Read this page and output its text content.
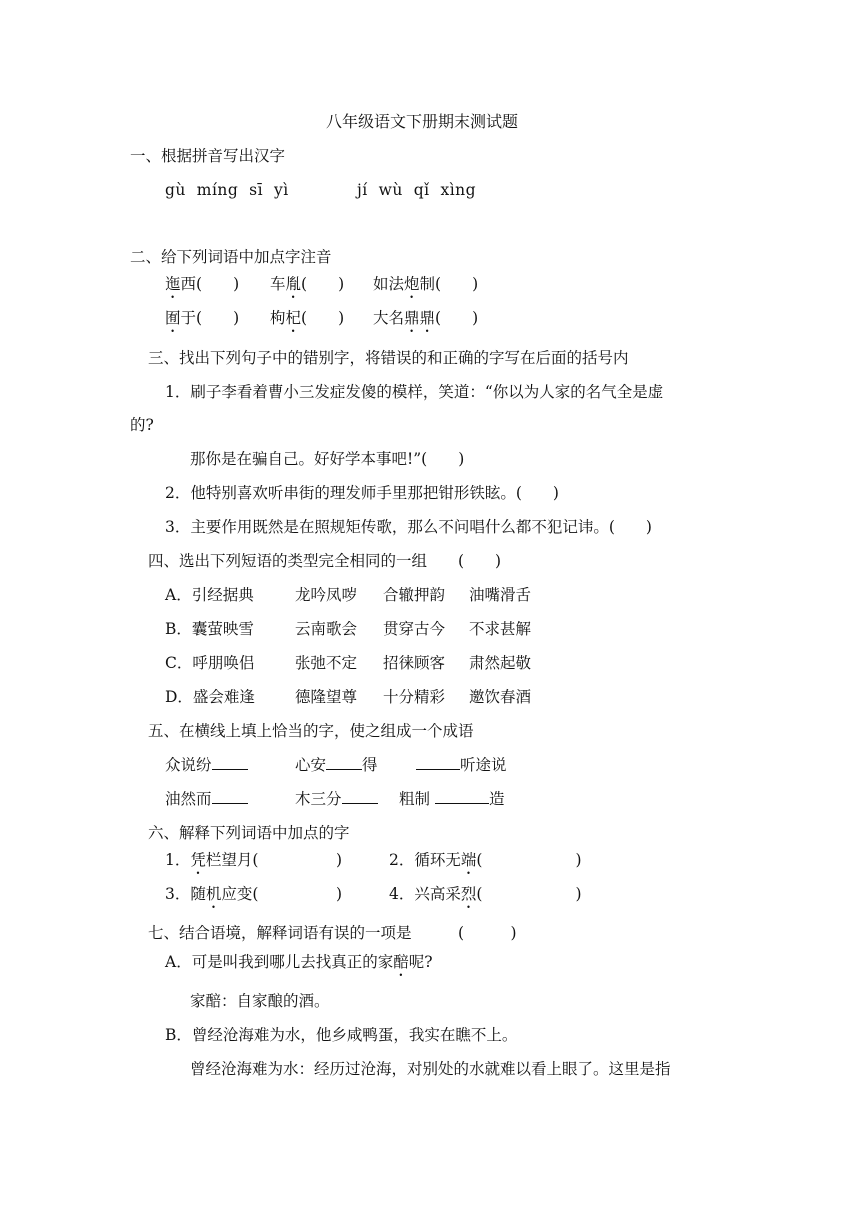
八年级语文下册期末测试题
一、根据拼音写出汉字
gù  míng  sī  yì	jí  wù  qǐ  xìng
二、给下列词语中加点字注音
迤西(　　) 车胤(　　) 如法炮制(　　)
囿于(　　) 枸杞(　　) 大名鼎鼎(　　)
三、找出下列句子中的错别字，将错误的和正确的字写在后面的括号内
1．刷子李看着曹小三发症发傻的模样，笑道：“你以为人家的名气全是虚
的?
那你是在骗自己。好好学本事吧!”(　　)
2．他特别喜欢听串街的理发师手里那把钳形铁眩。(　　)
3．主要作用既然是在照规矩传歌，那么不问唱什么都不犯记讳。(　　)
四、选出下列短语的类型完全相同的一组　　(　　)
A．引经据典	龙吟凤哕 合辙押韵 油嘴滑舌
B．囊萤映雪	云南歌会 贯穿古今 不求甚解
C．呼朋唤侣	张弛不定 招徕顾客 肃然起敬
D．盛会难逢	德隆望尊 十分精彩 邀饮春酒
五、在横线上填上恰当的字，使之组成一个成语
众说纷	心安 得	听途说
油然而	木三分	粗制	造
六、解释下列词语中加点的字
1．凭栏望月(　　　　　)	2．循环无端(　　　　　　)
3．随机应变(　　　　　)	4．兴高采烈(　　　　　　)
七、结合语境，解释词语有误的一项是　　　(　　　)
A．可是叫我到哪儿去找真正的家醅呢?
家醅：自家酿的酒。
B．曾经沧海难为水，他乡咸鸭蛋，我实在瞧不上。
曾经沧海难为水：经历过沧海，对别处的水就难以看上眼了。这里是指
